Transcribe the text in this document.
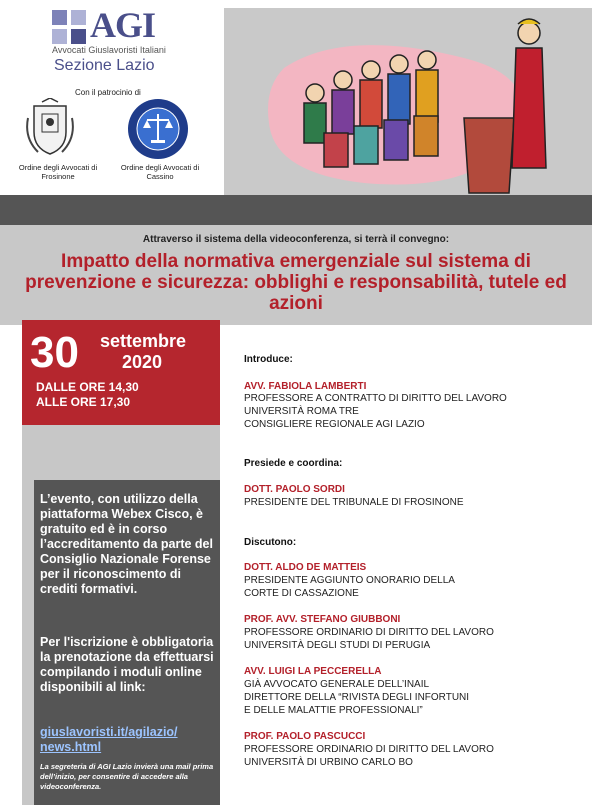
AGI
Avvocati Giuslavoristi Italiani
Sezione Lazio
Con il patrocinio di
Ordine degli Avvocati di Frosinone
Ordine degli Avvocati di Cassino
Attraverso il sistema della videoconferenza, si terrà il convegno:
Impatto della normativa emergenziale sul sistema di prevenzione e sicurezza: obblighi e responsabilità, tutele ed azioni
30 settembre
2020
DALLE ORE 14,30
ALLE ORE 17,30

L’evento, con utilizzo della piattaforma Webex Cisco, è gratuito ed è in corso l’accreditamento da parte del Consiglio Nazionale Forense per il riconoscimento di crediti formativi.

Per l'iscrizione è obbligatoria la prenotazione da effettuarsi compilando i moduli online disponibili al link:

giuslavoristi.it/agilazio/ news.html
La segreteria di AGI Lazio invierà una mail prima dell’inizio, per consentire di accedere alla videoconferenza.
Introduce:
AVV. FABIOLA LAMBERTI
PROFESSORE A CONTRATTO DI DIRITTO DEL LAVORO
UNIVERSITÀ ROMA TRE
CONSIGLIERE REGIONALE AGI LAZIO
Presiede e coordina:
DOTT. PAOLO SORDI
PRESIDENTE DEL TRIBUNALE DI FROSINONE
Discutono:
DOTT. ALDO DE MATTEIS
PRESIDENTE AGGIUNTO ONORARIO DELLA
CORTE DI CASSAZIONE
PROF. AVV. STEFANO GIUBBONI
PROFESSORE ORDINARIO DI DIRITTO DEL LAVORO
UNIVERSITÀ DEGLI STUDI DI PERUGIA
AVV. LUIGI LA PECCERELLA
GIÀ AVVOCATO GENERALE DELL’INAIL
DIRETTORE DELLA “RIVISTA DEGLI INFORTUNI
E DELLE MALATTIE PROFESSIONALI”
PROF. PAOLO PASCUCCI
PROFESSORE ORDINARIO DI DIRITTO DEL LAVORO
UNIVERSITÀ DI URBINO CARLO BO
